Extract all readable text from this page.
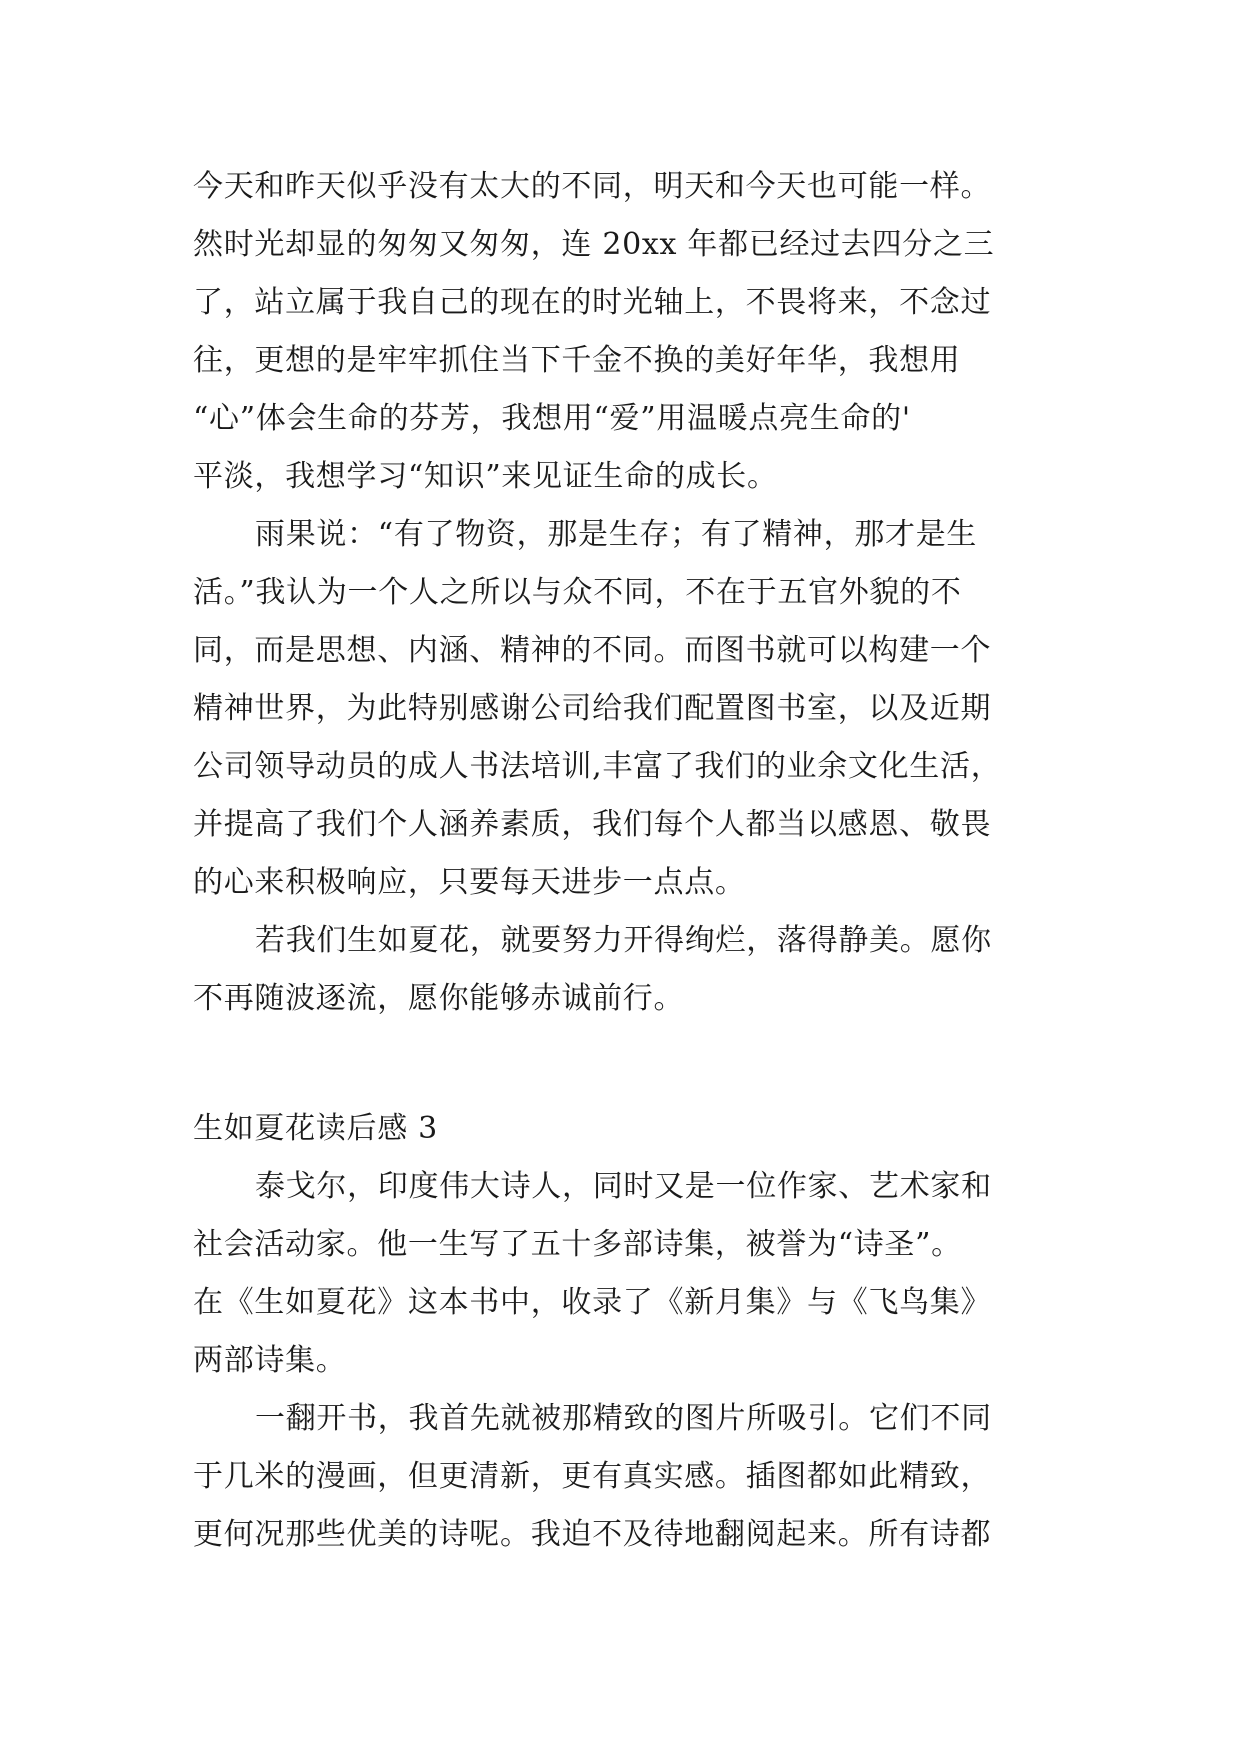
今天和昨天似乎没有太大的不同，明天和今天也可能一样。
然时光却显的匆匆又匆匆，连 20xx 年都已经过去四分之三
了，站立属于我自己的现在的时光轴上，不畏将来，不念过
往，更想的是牢牢抓住当下千金不换的美好年华，我想用
“心”体会生命的芬芳，我想用“爱”用温暖点亮生命的'
平淡，我想学习“知识”来见证生命的成长。
雨果说：“有了物资，那是生存；有了精神，那才是生
活。”我认为一个人之所以与众不同，不在于五官外貌的不
同，而是思想、内涵、精神的不同。而图书就可以构建一个
精神世界，为此特别感谢公司给我们配置图书室，以及近期
公司领导动员的成人书法培训,丰富了我们的业余文化生活，
并提高了我们个人涵养素质，我们每个人都当以感恩、敬畏
的心来积极响应，只要每天进步一点点。
若我们生如夏花，就要努力开得绚烂，落得静美。愿你
不再随波逐流，愿你能够赤诚前行。
生如夏花读后感 3
泰戈尔，印度伟大诗人，同时又是一位作家、艺术家和
社会活动家。他一生写了五十多部诗集，被誉为“诗圣”。
在《生如夏花》这本书中，收录了《新月集》与《飞鸟集》
两部诗集。
一翻开书，我首先就被那精致的图片所吸引。它们不同
于几米的漫画，但更清新，更有真实感。插图都如此精致，
更何况那些优美的诗呢。我迫不及待地翻阅起来。所有诗都
